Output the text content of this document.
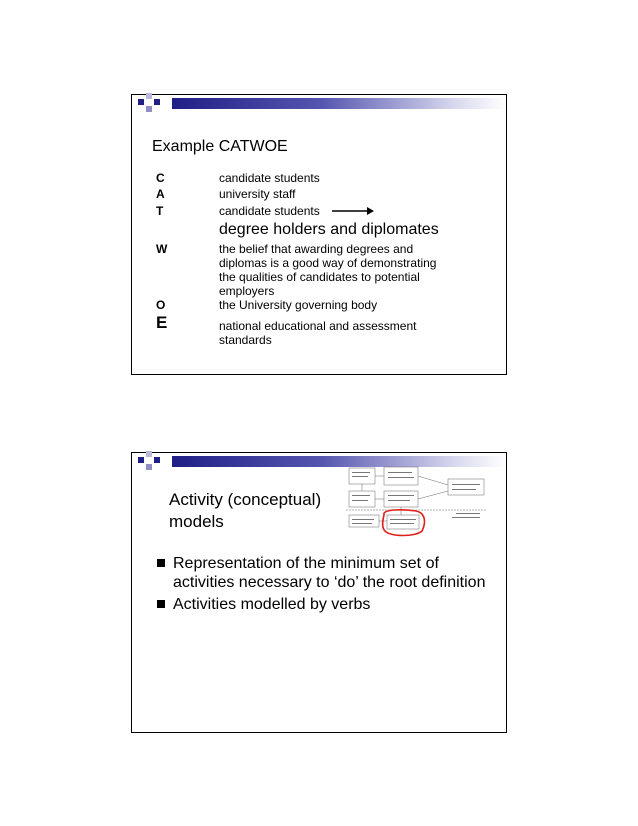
Example CATWOE
C	candidate students
A	university staff
T	candidate students
degree holders and diplomates
W	the belief that awarding degrees and diplomas is a good way of demonstrating the qualities of candidates to potential employers
O	the University governing body
E	national educational and assessment standards
Activity (conceptual)
models
Representation of the minimum set of activities necessary to ‘do’ the root definition
Activities modelled by verbs
